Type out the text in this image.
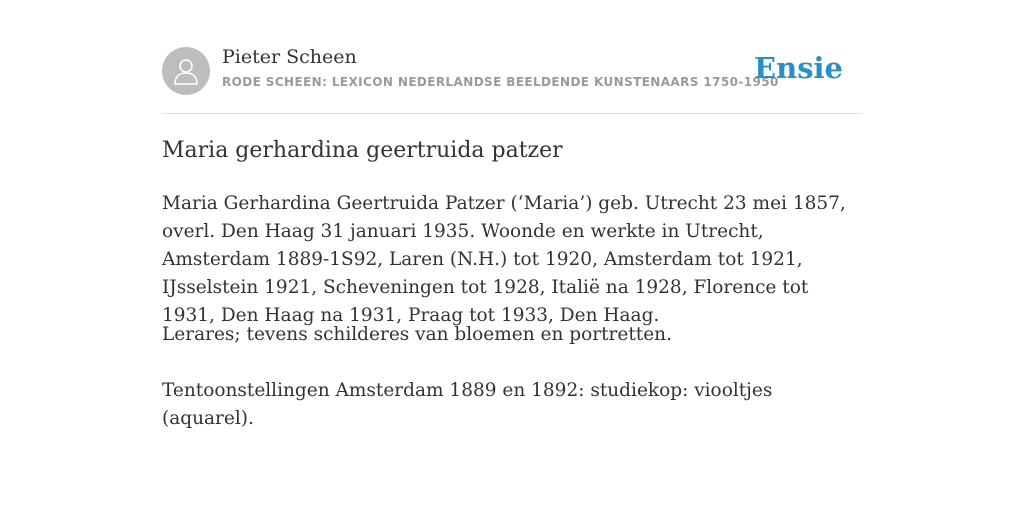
Pieter Scheen
RODE SCHEEN: LEXICON NEDERLANDSE BEELDENDE KUNSTENAARS 1750-1950
Ensie
Maria gerhardina geertruida patzer

Maria Gerhardina Geertruida Patzer (‘Maria’) geb. Utrecht 23 mei 1857, overl. Den Haag 31 januari 1935. Woonde en werkte in Utrecht, Amsterdam 1889-1S92, Laren (N.H.) tot 1920, Amsterdam tot 1921, IJsselstein 1921, Scheveningen tot 1928, Italië na 1928, Florence tot 1931, Den Haag na 1931, Praag tot 1933, Den Haag.

Lerares; tevens schilderes van bloemen en portretten.

Tentoonstellingen Amsterdam 1889 en 1892: studiekop: viooltjes (aquarel).
